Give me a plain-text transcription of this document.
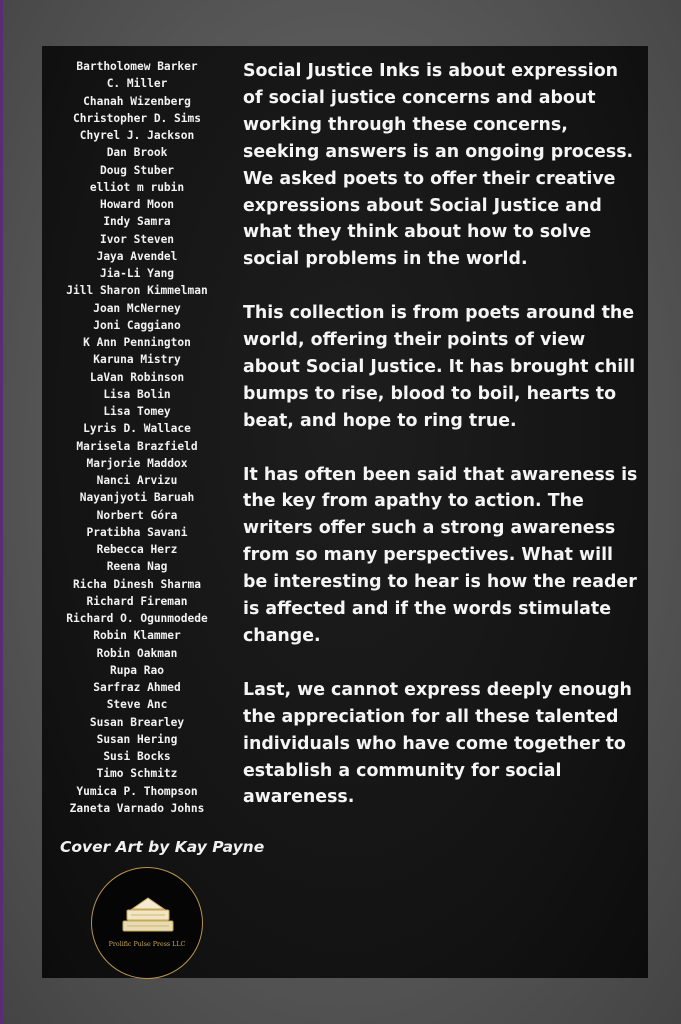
Bartholomew Barker
C. Miller
Chanah Wizenberg
Christopher D. Sims
Chyrel J. Jackson
Dan Brook
Doug Stuber
elliot m rubin
Howard Moon
Indy Samra
Ivor Steven
Jaya Avendel
Jia-Li Yang
Jill Sharon Kimmelman
Joan McNerney
Joni Caggiano
K Ann Pennington
Karuna Mistry
LaVan Robinson
Lisa Bolin
Lisa Tomey
Lyris D. Wallace
Marisela Brazfield
Marjorie Maddox
Nanci Arvizu
Nayanjyoti Baruah
Norbert Góra
Pratibha Savani
Rebecca Herz
Reena Nag
Richa Dinesh Sharma
Richard Fireman
Richard O. Ogunmodede
Robin Klammer
Robin Oakman
Rupa Rao
Sarfraz Ahmed
Steve Anc
Susan Brearley
Susan Hering
Susi Bocks
Timo Schmitz
Yumica P. Thompson
Zaneta Varnado Johns

Social Justice Inks is about expression of social justice concerns and about working through these concerns, seeking answers is an ongoing process. We asked poets to offer their creative expressions about Social Justice and what they think about how to solve social problems in the world.

This collection is from poets around the world, offering their points of view about Social Justice. It has brought chill bumps to rise, blood to boil, hearts to beat, and hope to ring true.

It has often been said that awareness is the key from apathy to action. The writers offer such a strong awareness from so many perspectives. What will be interesting to hear is how the reader is affected and if the words stimulate change.

Last, we cannot express deeply enough the appreciation for all these talented individuals who have come together to establish a community for social awareness.

Cover Art by Kay Payne
Prolific Pulse Press LLC
